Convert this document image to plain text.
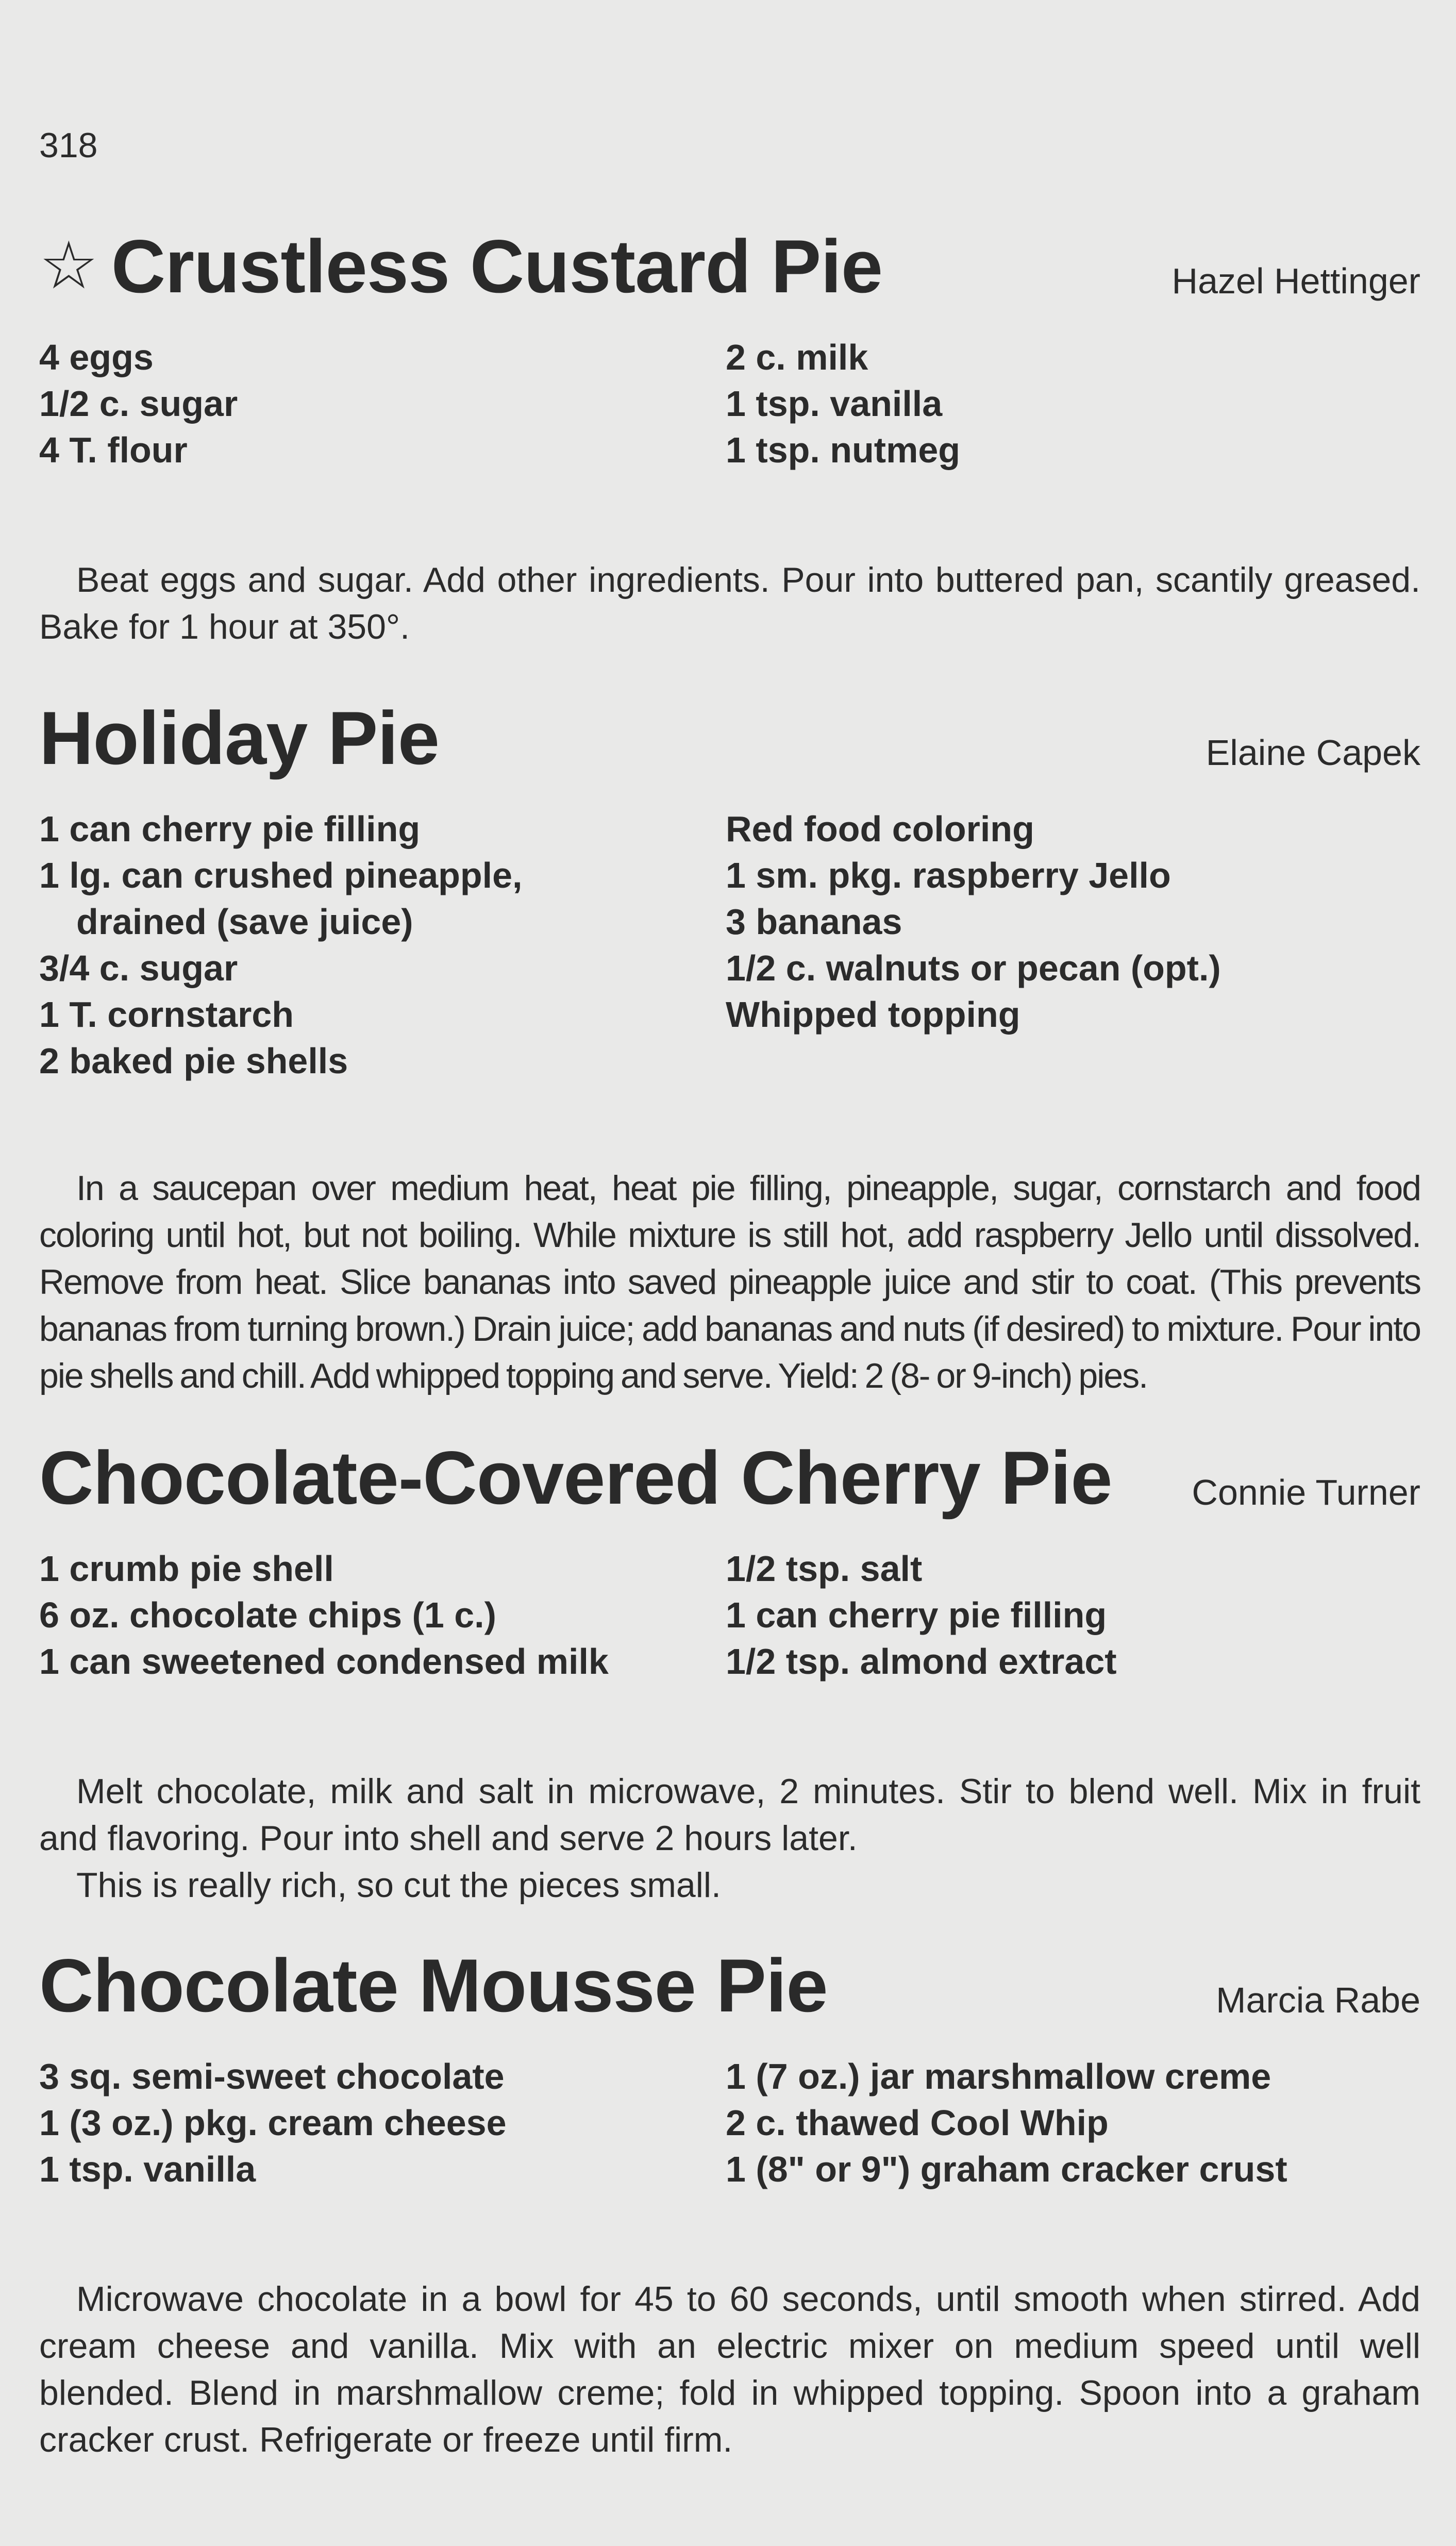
318
☆ Crustless Custard Pie	Hazel Hettinger
4 eggs
1/2 c. sugar
4 T. flour
2 c. milk
1 tsp. vanilla
1 tsp. nutmeg

Beat eggs and sugar. Add other ingredients. Pour into buttered pan, scantily greased. Bake for 1 hour at 350°.

Holiday Pie	Elaine Capek
1 can cherry pie filling
1 lg. can crushed pineapple,
drained (save juice)
3/4 c. sugar
1 T. cornstarch
2 baked pie shells
Red food coloring
1 sm. pkg. raspberry Jello
3 bananas
1/2 c. walnuts or pecan (opt.)
Whipped topping

In a saucepan over medium heat, heat pie filling, pineapple, sugar, cornstarch and food coloring until hot, but not boiling. While mixture is still hot, add raspberry Jello until dissolved. Remove from heat. Slice bananas into saved pineapple juice and stir to coat. (This prevents bananas from turning brown.) Drain juice; add bananas and nuts (if desired) to mixture. Pour into pie shells and chill. Add whipped topping and serve. Yield: 2 (8- or 9-inch) pies.

Chocolate-Covered Cherry Pie Connie Turner
1 crumb pie shell
6 oz. chocolate chips (1 c.)
1 can sweetened condensed milk
1/2 tsp. salt
1 can cherry pie filling
1/2 tsp. almond extract

Melt chocolate, milk and salt in microwave, 2 minutes. Stir to blend well. Mix in fruit and flavoring. Pour into shell and serve 2 hours later.

This is really rich, so cut the pieces small.

Chocolate Mousse Pie	Marcia Rabe
3 sq. semi-sweet chocolate
1 (3 oz.) pkg. cream cheese
1 tsp. vanilla
1 (7 oz.) jar marshmallow creme
2 c. thawed Cool Whip
1 (8" or 9") graham cracker crust

Microwave chocolate in a bowl for 45 to 60 seconds, until smooth when stirred. Add cream cheese and vanilla. Mix with an electric mixer on medium speed until well blended. Blend in marshmallow creme; fold in whipped topping. Spoon into a graham cracker crust. Refrigerate or freeze until firm.
